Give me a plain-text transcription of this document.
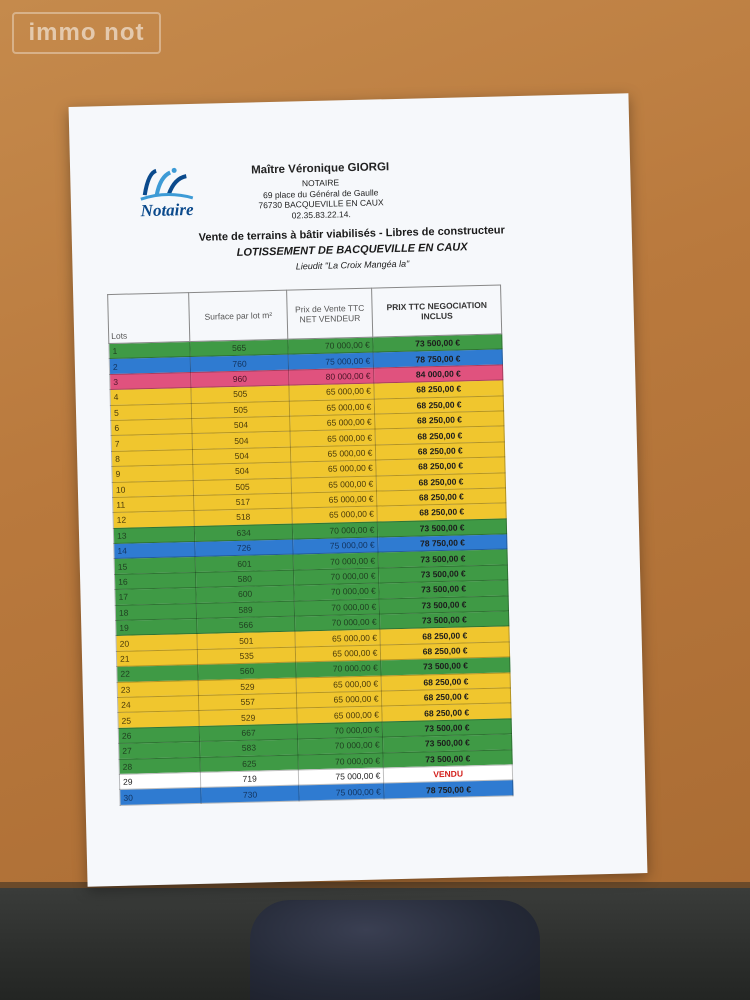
immo not
Notaire
Maître Véronique GIORGI
NOTAIRE
69 place du Général de Gaulle
76730 BACQUEVILLE EN CAUX
02.35.83.22.14.
Vente de terrains à bâtir viabilisés - Libres de constructeur
LOTISSEMENT DE BACQUEVILLE EN CAUX
Lieudit "La Croix Mangéa la"
Lots	Surface par lot m²	Prix de Vente TTC NET VENDEUR	PRIX TTC NEGOCIATION INCLUS
1	565	70 000,00 €	73 500,00 €
2	760	75 000,00 €	78 750,00 €
3	960	80 000,00 €	84 000,00 €
4	505	65 000,00 €	68 250,00 €
5	505	65 000,00 €	68 250,00 €
6	504	65 000,00 €	68 250,00 €
7	504	65 000,00 €	68 250,00 €
8	504	65 000,00 €	68 250,00 €
9	504	65 000,00 €	68 250,00 €
10	505	65 000,00 €	68 250,00 €
11	517	65 000,00 €	68 250,00 €
12	518	65 000,00 €	68 250,00 €
13	634	70 000,00 €	73 500,00 €
14	726	75 000,00 €	78 750,00 €
15	601	70 000,00 €	73 500,00 €
16	580	70 000,00 €	73 500,00 €
17	600	70 000,00 €	73 500,00 €
18	589	70 000,00 €	73 500,00 €
19	566	70 000,00 €	73 500,00 €
20	501	65 000,00 €	68 250,00 €
21	535	65 000,00 €	68 250,00 €
22	560	70 000,00 €	73 500,00 €
23	529	65 000,00 €	68 250,00 €
24	557	65 000,00 €	68 250,00 €
25	529	65 000,00 €	68 250,00 €
26	667	70 000,00 €	73 500,00 €
27	583	70 000,00 €	73 500,00 €
28	625	70 000,00 €	73 500,00 €
29	719	75 000,00 €	VENDU
30	730	75 000,00 €	78 750,00 €
